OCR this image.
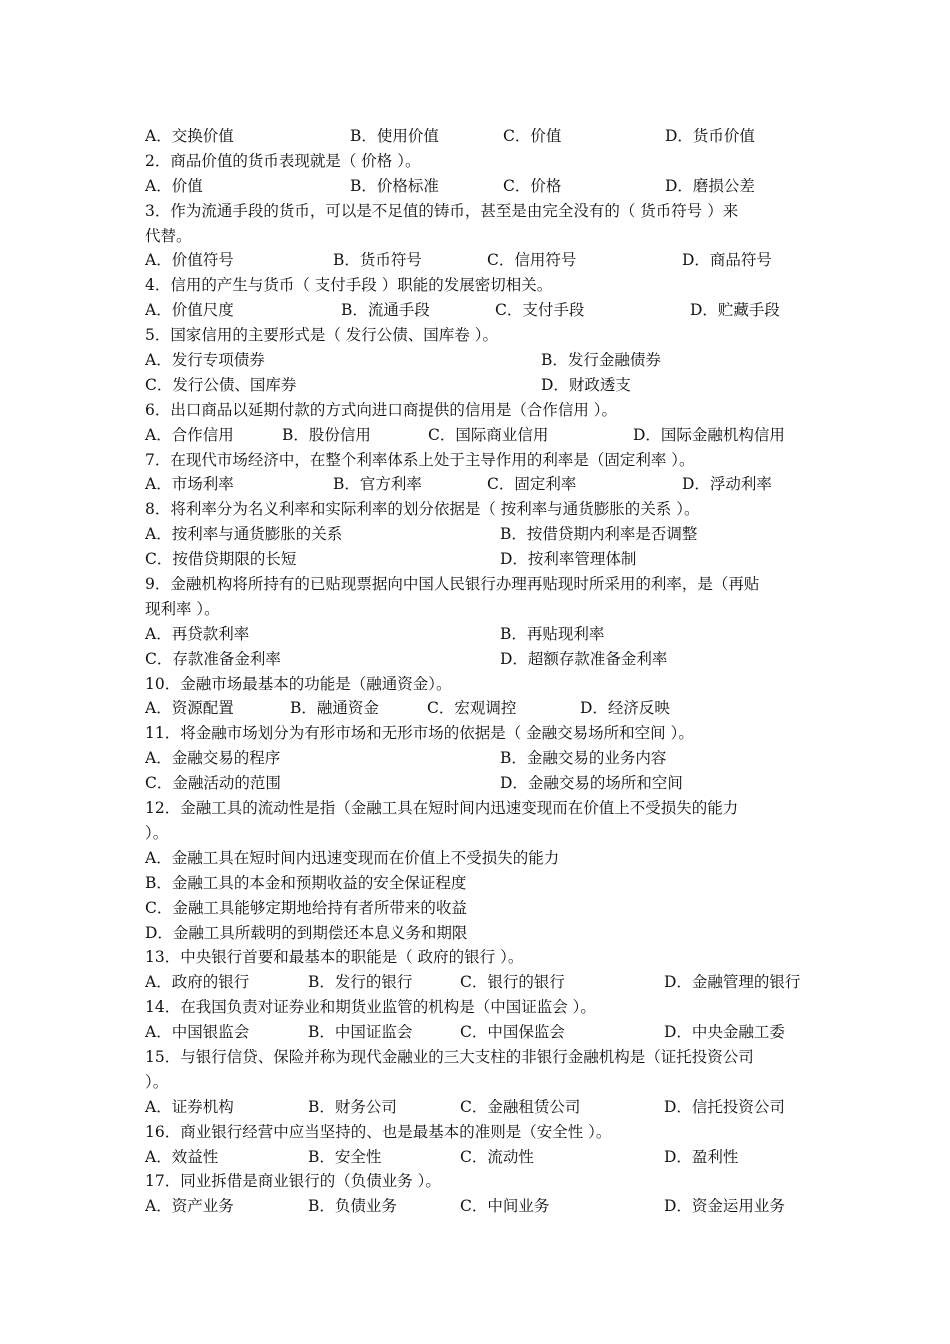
A．交换价值	B．使用价值	C．价值	D．货币价值
2．商品价值的货币表现就是（ 价格 ）。
A．价值	B．价格标准	C．价格	D．磨损公差
3．作为流通手段的货币，可以是不足值的铸币，甚至是由完全没有的（ 货币符号 ）来
代替。
A．价值符号	B．货币符号	C．信用符号	D．商品符号
4．信用的产生与货币（ 支付手段 ）职能的发展密切相关。
A．价值尺度	B．流通手段	C．支付手段	D．贮藏手段
5．国家信用的主要形式是（ 发行公债、国库卷 ）。
A．发行专项债券	B．发行金融债券
C．发行公债、国库券	D．财政透支
6．出口商品以延期付款的方式向进口商提供的信用是（合作信用 ）。
A．合作信用	B．股份信用	C．国际商业信用	D．国际金融机构信用
7．在现代市场经济中，在整个利率体系上处于主导作用的利率是（固定利率 ）。
A．市场利率	B．官方利率	C．固定利率	D．浮动利率
8．将利率分为名义利率和实际利率的划分依据是（ 按利率与通货膨胀的关系 ）。
A．按利率与通货膨胀的关系	B．按借贷期内利率是否调整
C．按借贷期限的长短	D．按利率管理体制
9．金融机构将所持有的已贴现票据向中国人民银行办理再贴现时所采用的利率，是（再贴
现利率 ）。
A．再贷款利率	B．再贴现利率
C．存款准备金利率	D．超额存款准备金利率
10．金融市场最基本的功能是（融通资金）。
A．资源配置	B．融通资金	C．宏观调控	D．经济反映
11．将金融市场划分为有形市场和无形市场的依据是（ 金融交易场所和空间 ）。
A．金融交易的程序	B．金融交易的业务内容
C．金融活动的范围	D．金融交易的场所和空间
12．金融工具的流动性是指（金融工具在短时间内迅速变现而在价值上不受损失的能力
）。
A．金融工具在短时间内迅速变现而在价值上不受损失的能力
B．金融工具的本金和预期收益的安全保证程度
C．金融工具能够定期地给持有者所带来的收益
D．金融工具所载明的到期偿还本息义务和期限
13．中央银行首要和最基本的职能是（ 政府的银行 ）。
A．政府的银行	B．发行的银行	C．银行的银行	D．金融管理的银行
14．在我国负责对证券业和期货业监管的机构是（中国证监会 ）。
A．中国银监会	B．中国证监会	C．中国保监会	D．中央金融工委
15．与银行信贷、保险并称为现代金融业的三大支柱的非银行金融机构是（证托投资公司
）。
A．证券机构	B．财务公司	C．金融租赁公司	D．信托投资公司
16．商业银行经营中应当坚持的、也是最基本的准则是（安全性 ）。
A．效益性	B．安全性	C．流动性	D．盈利性
17．同业拆借是商业银行的（负债业务 ）。
A．资产业务	B．负债业务	C．中间业务	D．资金运用业务
